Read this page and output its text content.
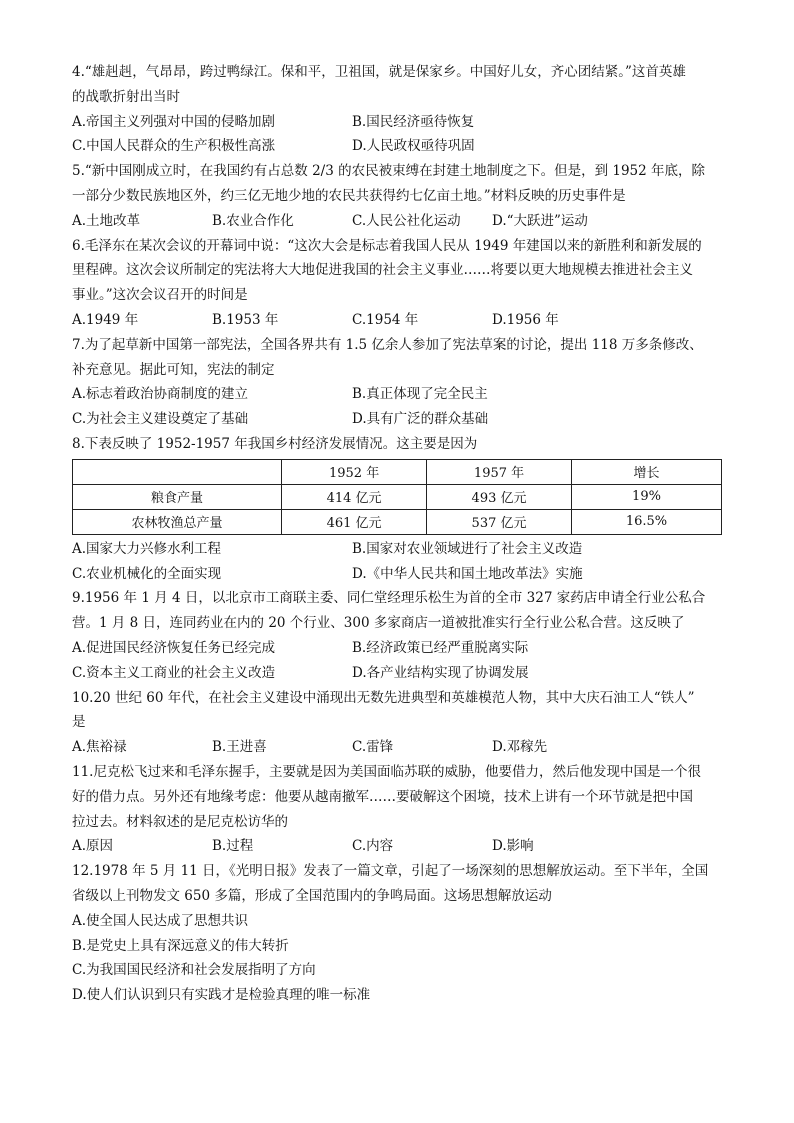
4.“雄赳赳，气昂昂，跨过鸭绿江。保和平，卫祖国，就是保家乡。中国好儿女，齐心团结紧。”这首英雄
的战歌折射出当时
A.帝国主义列强对中国的侵略加剧	B.国民经济亟待恢复
C.中国人民群众的生产积极性高涨	D.人民政权亟待巩固
5.“新中国刚成立时，在我国约有占总数 2/3 的农民被束缚在封建土地制度之下。但是，到 1952 年底，除
一部分少数民族地区外，约三亿无地少地的农民共获得约七亿亩土地。”材料反映的历史事件是
A.土地改革	B.农业合作化	C.人民公社化运动	D.“大跃进”运动
6.毛泽东在某次会议的开幕词中说：“这次大会是标志着我国人民从 1949 年建国以来的新胜利和新发展的
里程碑。这次会议所制定的宪法将大大地促进我国的社会主义事业……将要以更大地规模去推进社会主义
事业。”这次会议召开的时间是
A.1949 年	B.1953 年	C.1954 年	D.1956 年
7.为了起草新中国第一部宪法，全国各界共有 1.5 亿余人参加了宪法草案的讨论，提出 118 万多条修改、
补充意见。据此可知，宪法的制定
A.标志着政治协商制度的建立	B.真正体现了完全民主
C.为社会主义建设奠定了基础	D.具有广泛的群众基础
8.下表反映了 1952-1957 年我国乡村经济发展情况。这主要是因为
	1952 年	1957 年	增长
粮食产量	414 亿元	493 亿元	19%
农林牧渔总产量	461 亿元	537 亿元	16.5%
A.国家大力兴修水利工程	B.国家对农业领域进行了社会主义改造
C.农业机械化的全面实现	D.《中华人民共和国土地改革法》实施
9.1956 年 1 月 4 日，以北京市工商联主委、同仁堂经理乐松生为首的全市 327 家药店申请全行业公私合
营。1 月 8 日，连同药业在内的 20 个行业、300 多家商店一道被批准实行全行业公私合营。这反映了
A.促进国民经济恢复任务已经完成	B.经济政策已经严重脱离实际
C.资本主义工商业的社会主义改造	D.各产业结构实现了协调发展
10.20 世纪 60 年代，在社会主义建设中涌现出无数先进典型和英雄模范人物，其中大庆石油工人“铁人”
是
A.焦裕禄	B.王进喜	C.雷锋	D.邓稼先
11.尼克松飞过来和毛泽东握手，主要就是因为美国面临苏联的威胁，他要借力，然后他发现中国是一个很
好的借力点。另外还有地缘考虑：他要从越南撤军……要破解这个困境，技术上讲有一个环节就是把中国
拉过去。材料叙述的是尼克松访华的
A.原因	B.过程	C.内容	D.影响
12.1978 年 5 月 11 日，《光明日报》发表了一篇文章，引起了一场深刻的思想解放运动。至下半年，全国
省级以上刊物发文 650 多篇，形成了全国范围内的争鸣局面。这场思想解放运动
A.使全国人民达成了思想共识
B.是党史上具有深远意义的伟大转折
C.为我国国民经济和社会发展指明了方向
D.使人们认识到只有实践才是检验真理的唯一标准
